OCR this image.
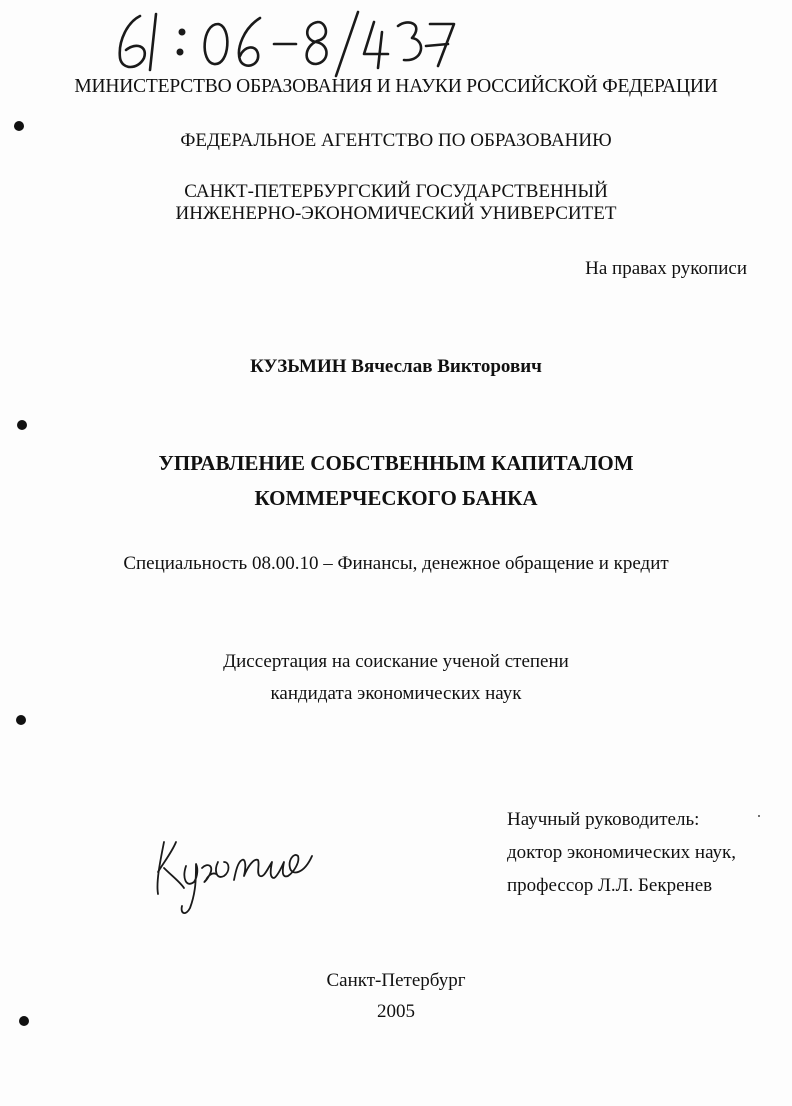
МИНИСТЕРСТВО ОБРАЗОВАНИЯ И НАУКИ РОССИЙСКОЙ ФЕДЕРАЦИИ
ФЕДЕРАЛЬНОЕ АГЕНТСТВО ПО ОБРАЗОВАНИЮ
САНКТ-ПЕТЕРБУРГСКИЙ ГОСУДАРСТВЕННЫЙ
ИНЖЕНЕРНО-ЭКОНОМИЧЕСКИЙ УНИВЕРСИТЕТ
На правах рукописи
КУЗЬМИН Вячеслав Викторович
УПРАВЛЕНИЕ СОБСТВЕННЫМ КАПИТАЛОМ
КОММЕРЧЕСКОГО БАНКА
Специальность 08.00.10 – Финансы, денежное обращение и кредит
Диссертация на соискание ученой степени
кандидата экономических наук
Научный руководитель:
доктор экономических наук,
профессор Л.Л. Бекренев
Санкт-Петербург
2005
